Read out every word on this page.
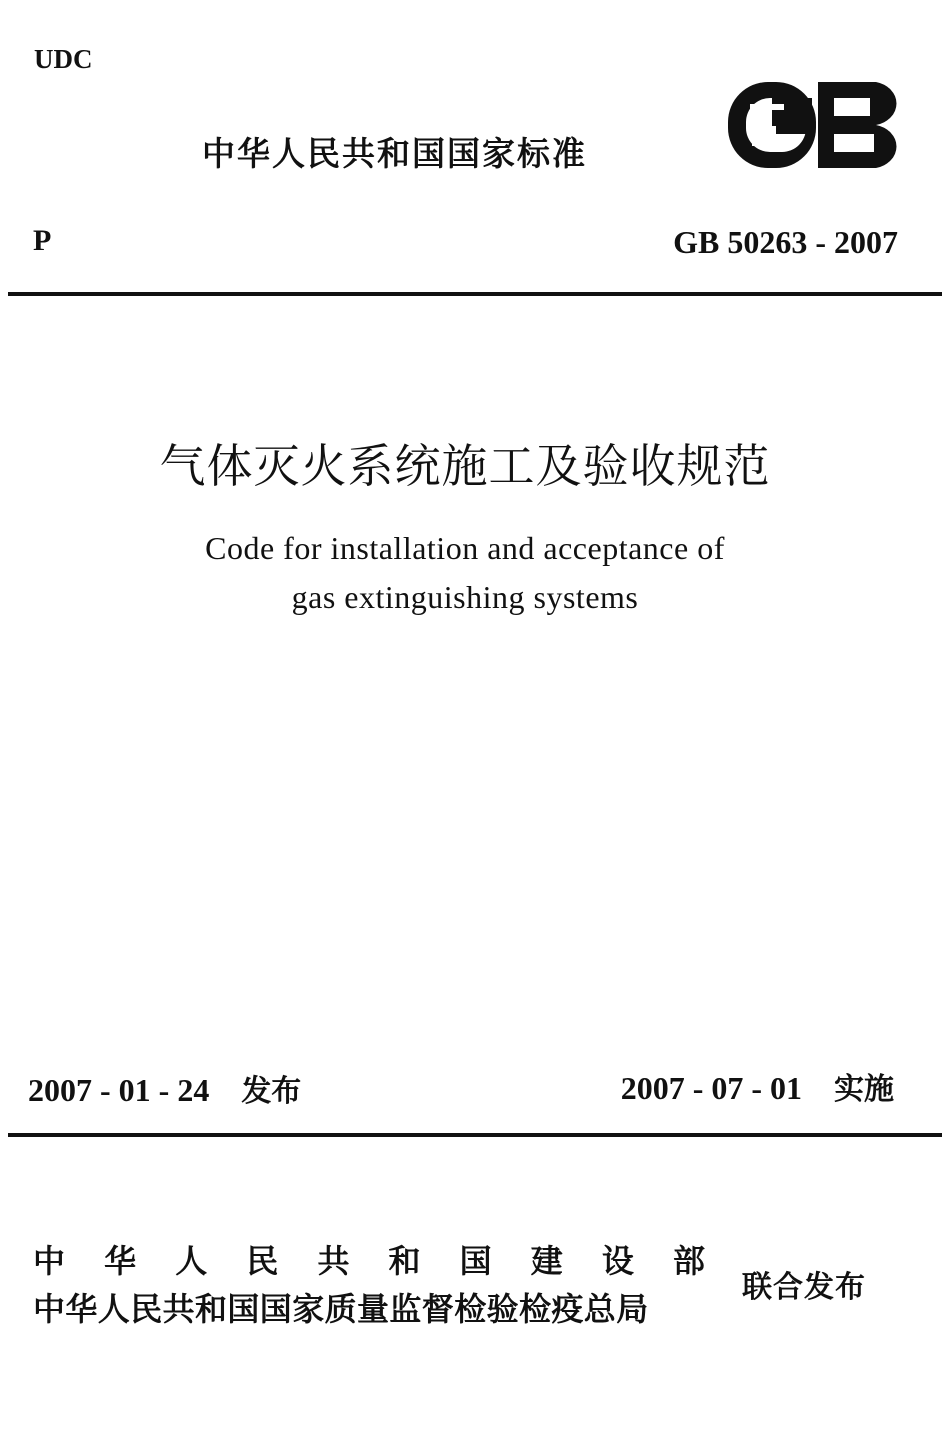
UDC
中华人民共和国国家标准
P	GB 50263 - 2007
气体灭火系统施工及验收规范
Code for installation and acceptance of
gas extinguishing systems
2007 - 01 - 24 发布	2007 - 07 - 01 实施
中 华 人 民 共 和 国 建 设 部
中华人民共和国国家质量监督检验检疫总局
联合发布
